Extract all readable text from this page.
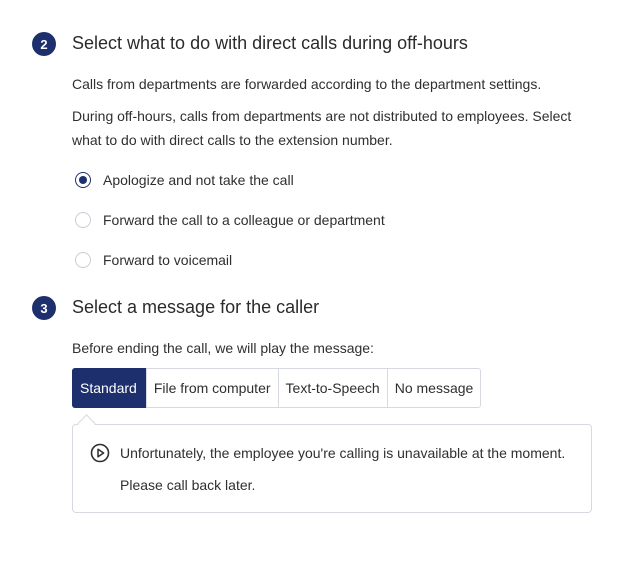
2	Select what to do with direct calls during off-hours
Calls from departments are forwarded according to the department settings.
During off-hours, calls from departments are not distributed to employees. Select what to do with direct calls to the extension number.
Apologize and not take the call
Forward the call to a colleague or department
Forward to voicemail
3	Select a message for the caller
Before ending the call, we will play the message:
Standard	File from computer	Text-to-Speech	No message
Unfortunately, the employee you're calling is unavailable at the moment.
Please call back later.
